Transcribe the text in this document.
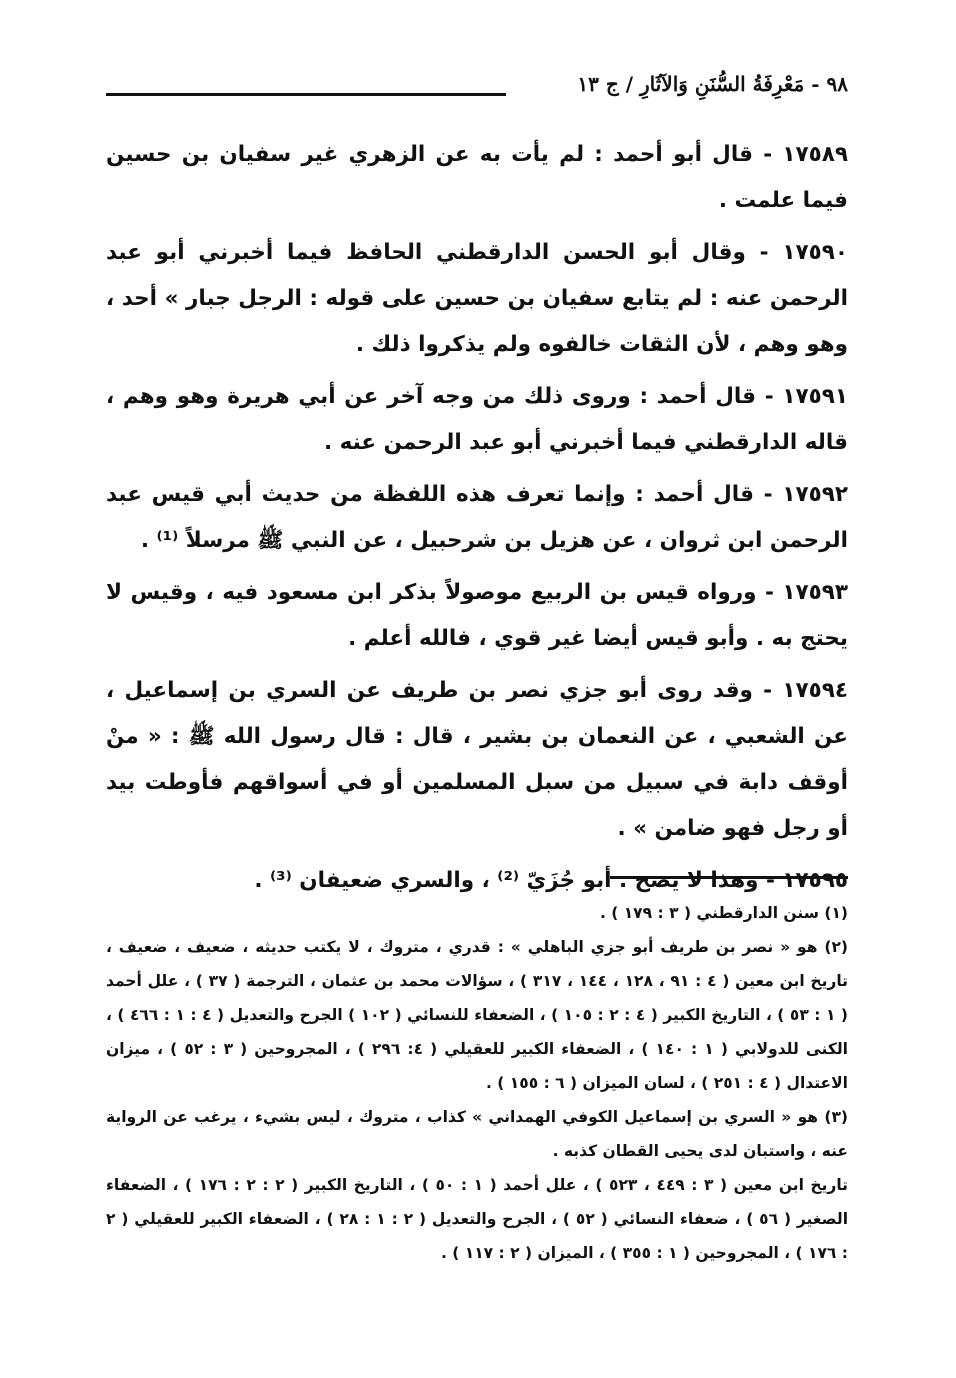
٩٨ - مَعْرِفَةُ السُّنَنِ وَالآثَارِ / ج ١٣

١٧٥٨٩ - قال أبو أحمد : لم يأت به عن الزهري غير سفيان بن حسين فيما علمت .

١٧٥٩٠ - وقال أبو الحسن الدارقطني الحافظ فيما أخبرني أبو عبد الرحمن عنه : لم يتابع سفيان بن حسين على قوله : الرجل جبار » أحد ، وهو وهم ، لأن الثقات خالفوه ولم يذكروا ذلك .

١٧٥٩١ - قال أحمد : وروى ذلك من وجه آخر عن أبي هريرة وهو وهم ، قاله الدارقطني فيما أخبرني أبو عبد الرحمن عنه .

١٧٥٩٢ - قال أحمد : وإنما تعرف هذه اللفظة من حديث أبي قيس عبد الرحمن ابن ثروان ، عن هزيل بن شرحبيل ، عن النبي ﷺ مرسلاً ⁽¹⁾ .

١٧٥٩٣ - ورواه قيس بن الربيع موصولاً بذكر ابن مسعود فيه ، وقيس لا يحتج به . وأبو قيس أيضا غير قوي ، فالله أعلم .

١٧٥٩٤ - وقد روى أبو جزي نصر بن طريف عن السري بن إسماعيل ، عن الشعبي ، عن النعمان بن بشير ، قال : قال رسول الله ﷺ : « منْ أوقف دابة في سبيل من سبل المسلمين أو في أسواقهم فأوطت بيد أو رجل فهو ضامن » .

١٧٥٩٥ - وهذا لا يصح . أبو جُزَيّ ⁽²⁾ ، والسري ضعيفان ⁽³⁾ .

(١) سنن الدارقطني ( ٣ : ١٧٩ ) .

(٢) هو « نصر بن طريف أبو جزي الباهلي » : قدري ، متروك ، لا يكتب حديثه ، ضعيف ، ضعيف ، تاريخ ابن معين ( ٤ : ٩١ ، ١٢٨ ، ١٤٤ ، ٣١٧ ) ، سؤالات محمد بن عثمان ، الترجمة ( ٣٧ ) ، علل أحمد ( ١ : ٥٣ ) ، التاريخ الكبير ( ٤ : ٢ : ١٠٥ ) ، الضعفاء للنسائي ( ١٠٢ ) الجرح والتعديل ( ٤ : ١ : ٤٦٦ ) ، الكنى للدولابي ( ١ : ١٤٠ ) ، الضعفاء الكبير للعقيلي ( ٤: ٢٩٦ ) ، المجروحين ( ٣ : ٥٢ ) ، ميزان الاعتدال ( ٤ : ٢٥١ ) ، لسان الميزان ( ٦ : ١٥٥ ) .

(٣) هو « السري بن إسماعيل الكوفي الهمداني » كذاب ، متروك ، ليس بشيء ، يرغب عن الرواية عنه ، واستبان لدى يحيى القطان كذبه .

تاريخ ابن معين ( ٣ : ٤٤٩ ، ٥٢٣ ) ، علل أحمد ( ١ : ٥٠ ) ، التاريخ الكبير ( ٢ : ٢ : ١٧٦ ) ، الضعفاء الصغير ( ٥٦ ) ، ضعفاء النسائي ( ٥٢ ) ، الجرح والتعديل ( ٢ : ١ : ٢٨ ) ، الضعفاء الكبير للعقيلي ( ٢ : ١٧٦ ) ، المجروحين ( ١ : ٣٥٥ ) ، الميزان ( ٢ : ١١٧ ) .
